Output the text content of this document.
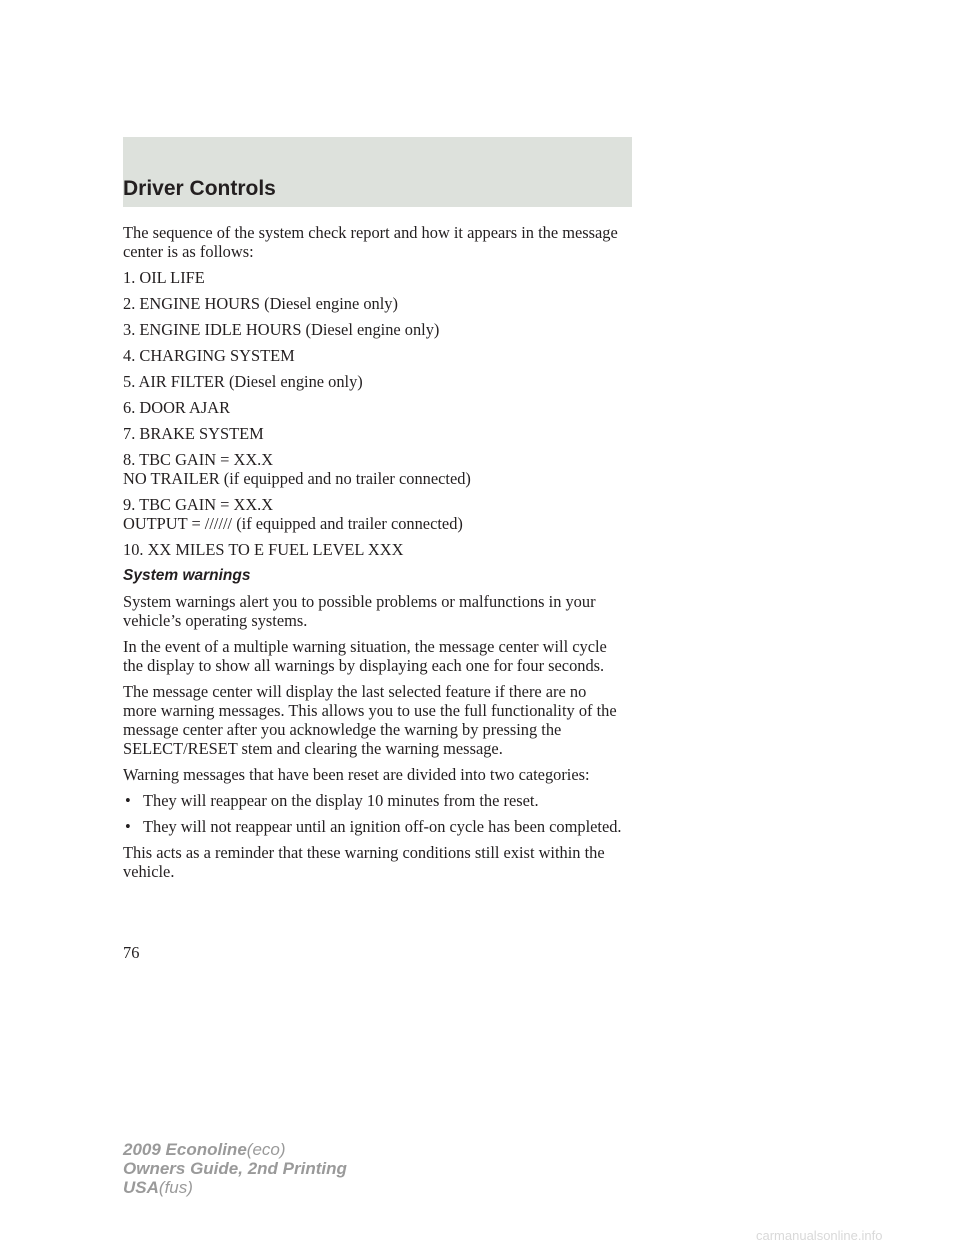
Driver Controls

The sequence of the system check report and how it appears in the message center is as follows:

1. OIL LIFE

2. ENGINE HOURS (Diesel engine only)

3. ENGINE IDLE HOURS (Diesel engine only)

4. CHARGING SYSTEM

5. AIR FILTER (Diesel engine only)

6. DOOR AJAR

7. BRAKE SYSTEM

8. TBC GAIN = XX.X
NO TRAILER (if equipped and no trailer connected)

9. TBC GAIN = XX.X
OUTPUT = ////// (if equipped and trailer connected)

10. XX MILES TO E FUEL LEVEL XXX

System warnings

System warnings alert you to possible problems or malfunctions in your vehicle’s operating systems.

In the event of a multiple warning situation, the message center will cycle the display to show all warnings by displaying each one for four seconds.

The message center will display the last selected feature if there are no more warning messages. This allows you to use the full functionality of the message center after you acknowledge the warning by pressing the SELECT/RESET stem and clearing the warning message.

Warning messages that have been reset are divided into two categories:

• They will reappear on the display 10 minutes from the reset.
• They will not reappear until an ignition off-on cycle has been completed.

This acts as a reminder that these warning conditions still exist within the vehicle.

76
2009 Econoline(eco)
Owners Guide, 2nd Printing
USA(fus)
carmanualsonline.info
